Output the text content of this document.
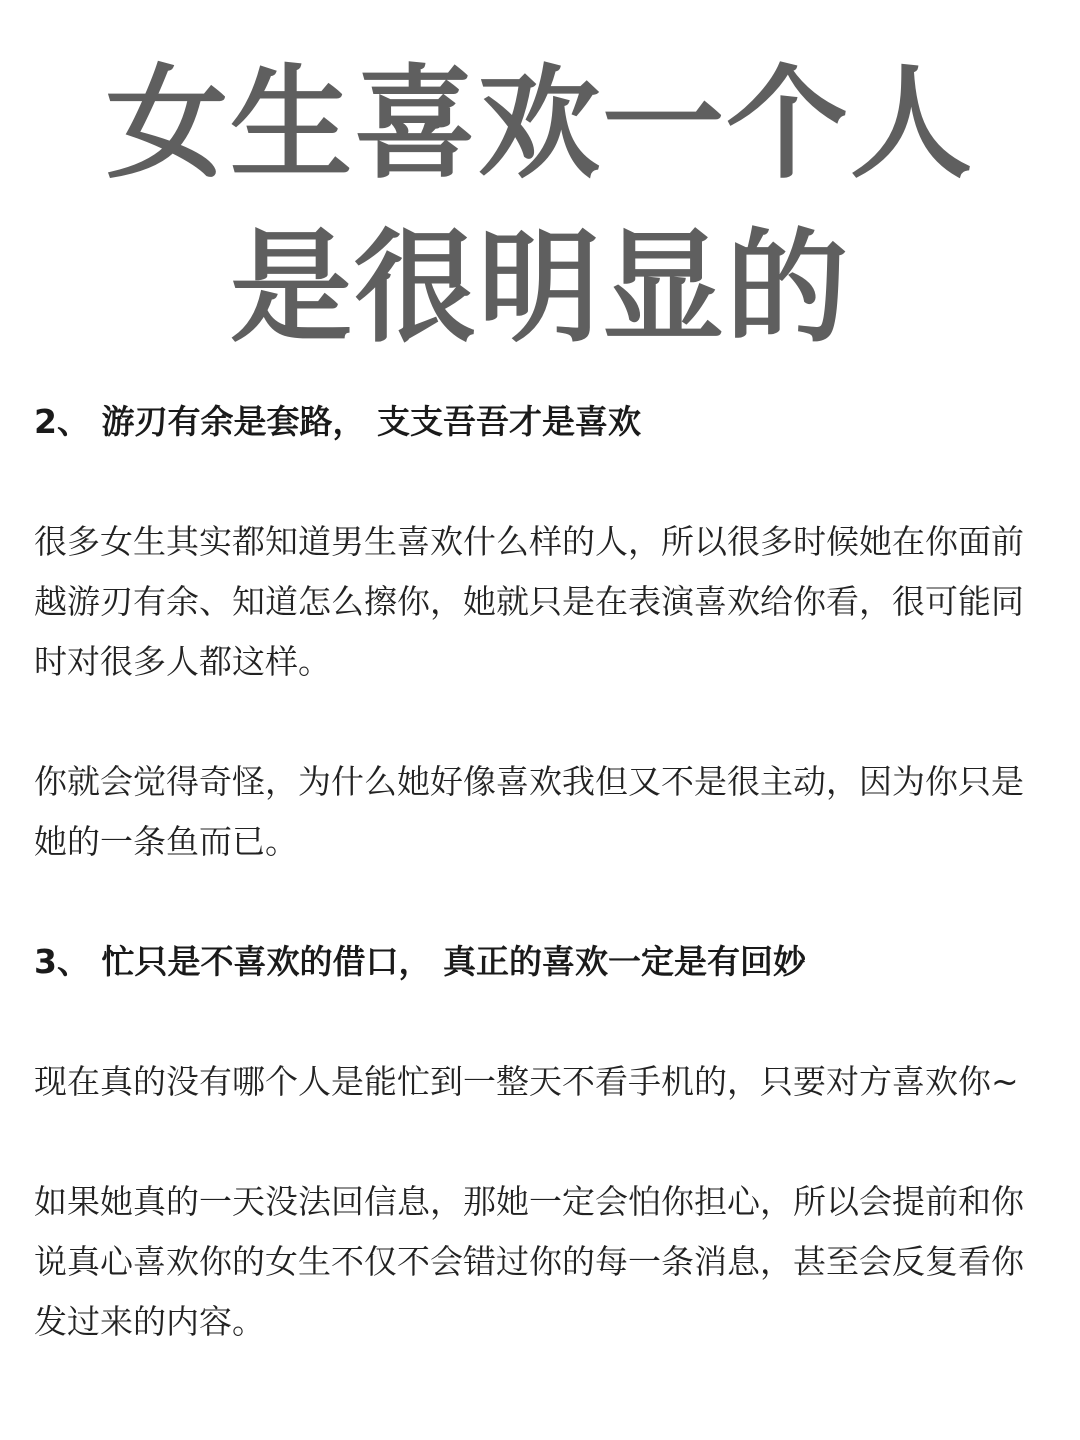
女生喜欢一个人
是很明显的

2、 游刃有余是套路， 支支吾吾才是喜欢

很多女生其实都知道男生喜欢什么样的人，所以很多时候她在你面前越游刃有余、知道怎么擦你，她就只是在表演喜欢给你看，很可能同时对很多人都这样。

你就会觉得奇怪，为什么她好像喜欢我但又不是很主动，因为你只是她的一条鱼而已。

3、 忙只是不喜欢的借口， 真正的喜欢一定是有回妙

现在真的没有哪个人是能忙到一整天不看手机的，只要对方喜欢你~

如果她真的一天没法回信息，那她一定会怕你担心，所以会提前和你说真心喜欢你的女生不仅不会错过你的每一条消息，甚至会反复看你发过来的内容。
